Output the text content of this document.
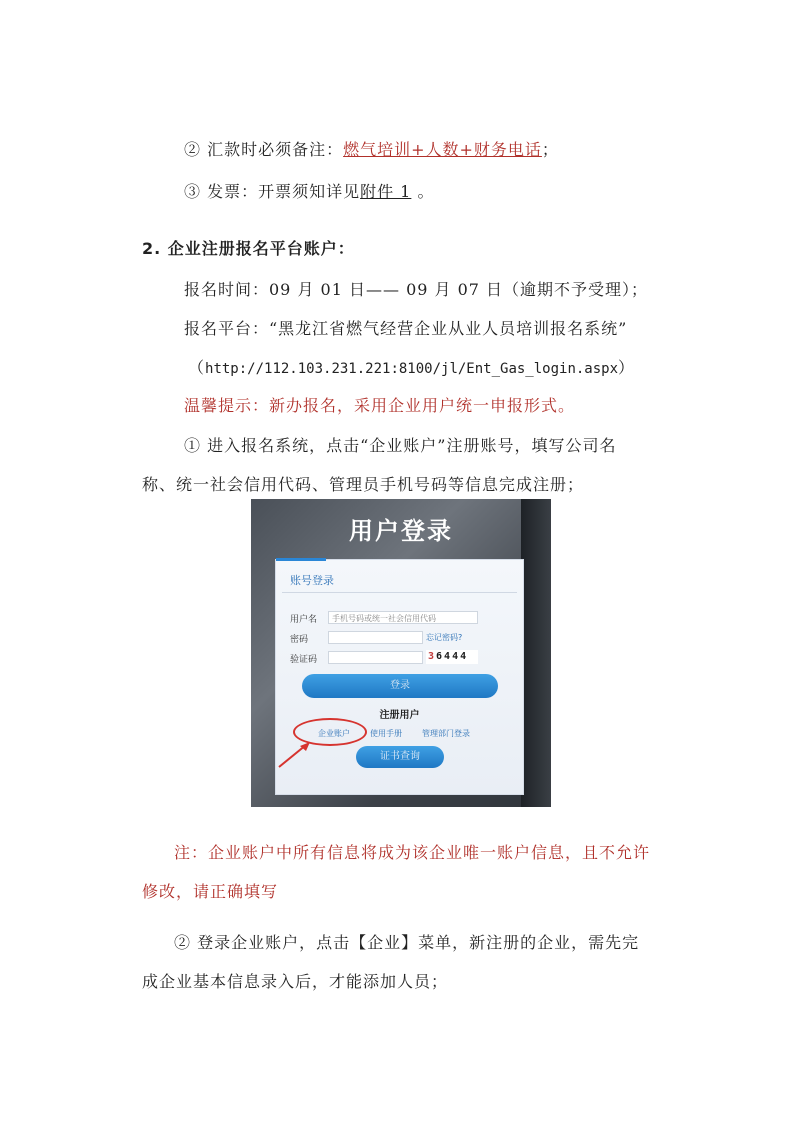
② 汇款时必须备注：燃气培训+人数+财务电话；
③ 发票：开票须知详见附件 1 。
2. 企业注册报名平台账户：
报名时间：09 月 01 日—— 09 月 07 日（逾期不予受理）；
报名平台：“黑龙江省燃气经营企业从业人员培训报名系统”
（http://112.103.231.221:8100/jl/Ent_Gas_login.aspx）
温馨提示：新办报名，采用企业用户统一申报形式。
① 进入报名系统，点击“企业账户”注册账号，填写公司名
称、统一社会信用代码、管理员手机号码等信息完成注册；
用户登录
账号登录
用户名	手机号码或统一社会信用代码
密码	忘记密码?
验证码	36444
登录
注册用户
企业账户	使用手册	管理部门登录
证书查询
注：企业账户中所有信息将成为该企业唯一账户信息，且不允许
修改，请正确填写
② 登录企业账户，点击【企业】菜单，新注册的企业，需先完
成企业基本信息录入后，才能添加人员；
